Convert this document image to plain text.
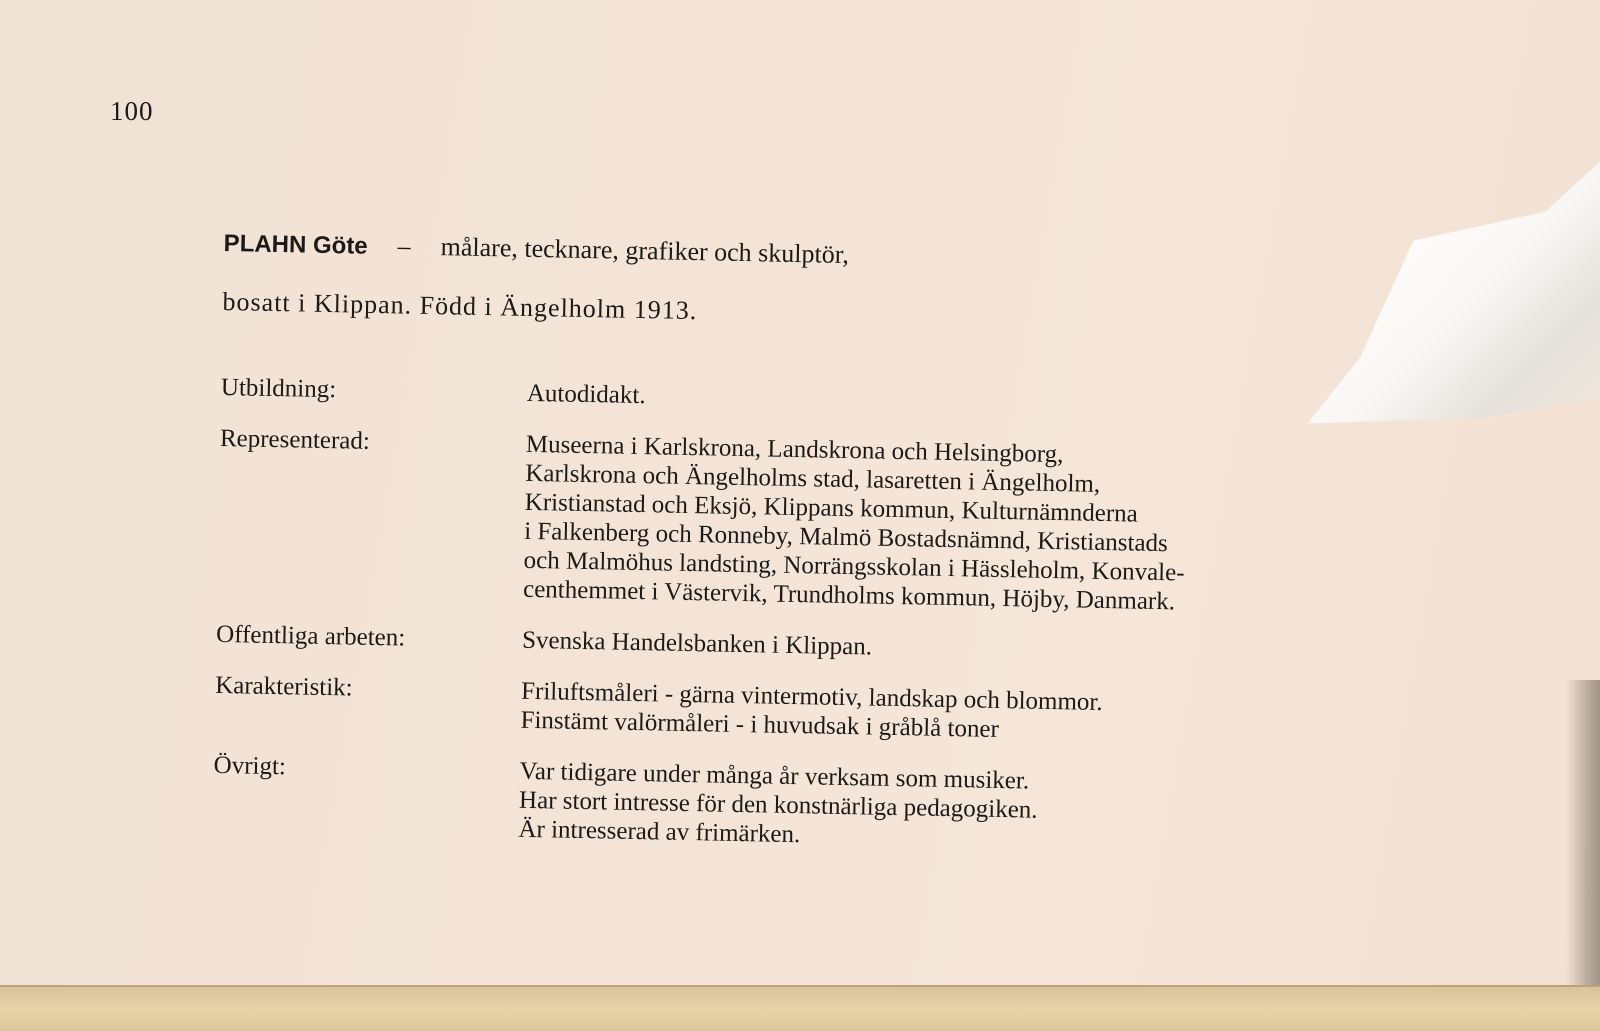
100
PLAHN Göte – målare, tecknare, grafiker och skulptör,
bosatt i Klippan. Född i Ängelholm 1913.
Utbildning:	Autodidakt.
Representerad:	Museerna i Karlskrona, Landskrona och Helsingborg,
Karlskrona och Ängelholms stad, lasaretten i Ängelholm,
Kristianstad och Eksjö, Klippans kommun, Kulturnämnderna
i Falkenberg och Ronneby, Malmö Bostadsnämnd, Kristianstads
och Malmöhus landsting, Norrängsskolan i Hässleholm, Konvale-
centhemmet i Västervik, Trundholms kommun, Höjby, Danmark.
Offentliga arbeten:	Svenska Handelsbanken i Klippan.
Karakteristik:	Friluftsmåleri - gärna vintermotiv, landskap och blommor.
Finstämt valörmåleri - i huvudsak i gråblå toner
Övrigt:	Var tidigare under många år verksam som musiker.
Har stort intresse för den konstnärliga pedagogiken.
Är intresserad av frimärken.
